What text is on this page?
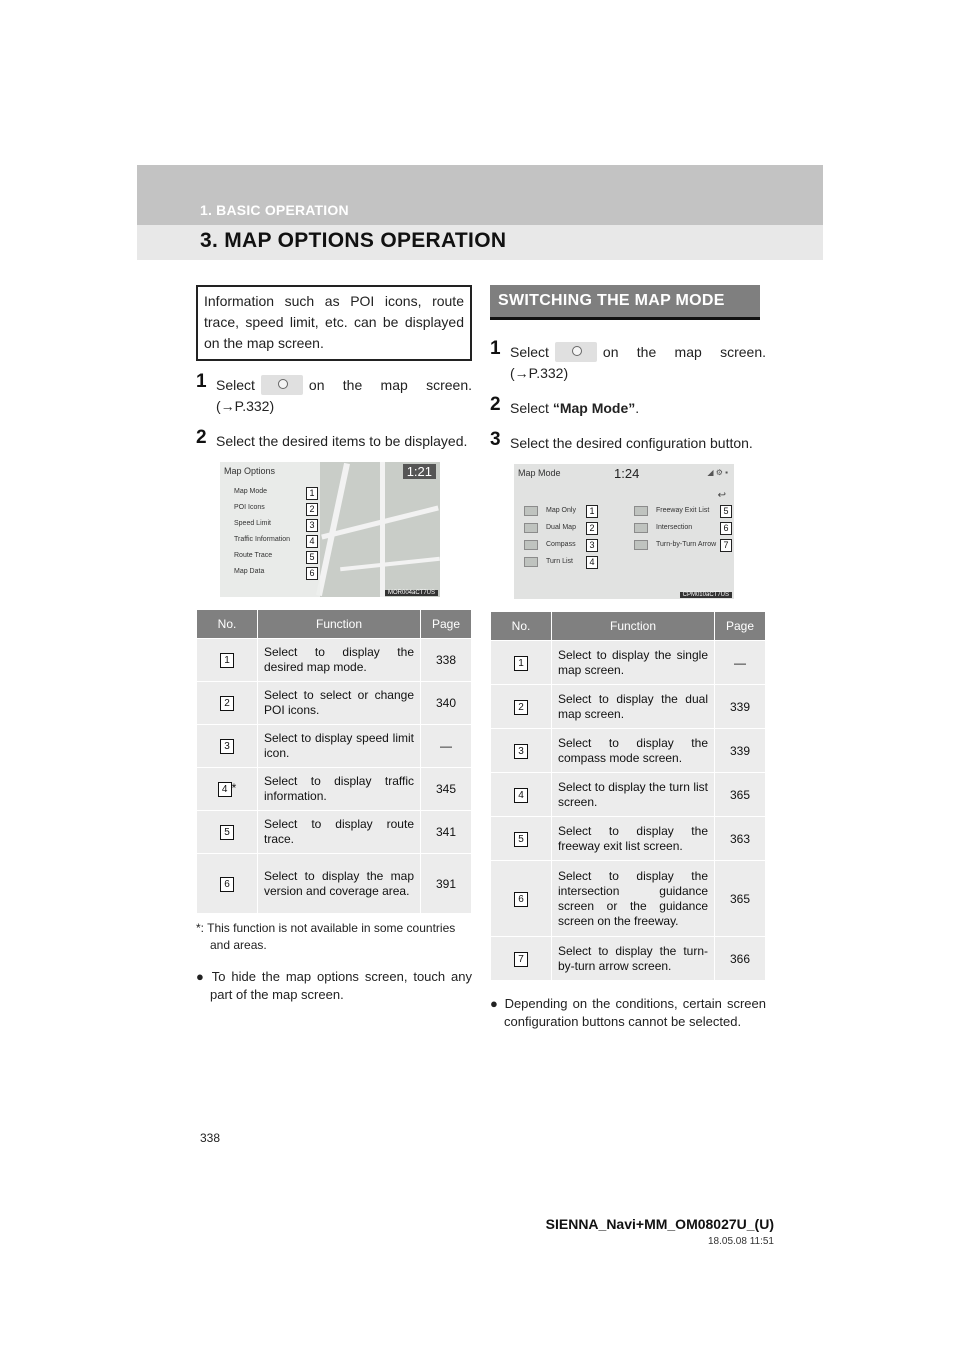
1. BASIC OPERATION
3. MAP OPTIONS OPERATION
Information such as POI icons, route trace, speed limit, etc. can be displayed on the map screen.
1 Select	on the map screen. (→P.332)
2 Select the desired items to be displayed.
Map Options	1:21
Map Mode
POI Icons
Speed Limit
Traffic Information
Route Trace
Map Data
1
2
3
4
5
6
MOR004aCT7US
No.	Function	Page
1	Select to display the desired map mode.	338
2	Select to select or change POI icons.	340
3	Select to display speed limit icon.	—
4 *	Select to display traffic information.	345
5	Select to display route trace.	341
6	Select to display the map version and coverage area.	391
*: This function is not available in some countries and areas.
● To hide the map options screen, touch any part of the map screen.
SWITCHING THE MAP MODE
1 Select	on the map screen. (→P.332)
2 Select “Map Mode”.
3 Select the desired configuration button.
Map Mode	1:24	◢ ⚙ ▪
↩
Map Only	1
Dual Map	2
Compass	3
Turn List	4
Freeway Exit List	5
Intersection	6
Turn-by-Turn Arrow 7
CPM010aCT7US
No.	Function	Page
1	Select to display the single map screen.	—
2	Select to display the dual map screen.	339
3	Select to display the compass mode screen.	339
4	Select to display the turn list screen.	365
5	Select to display the freeway exit list screen.	363
6	Select to display the intersection guidance screen or the guidance screen on the freeway.	365
7	Select to display the turn-by-turn arrow screen.	366
● Depending on the conditions, certain screen configuration buttons cannot be selected.
338
SIENNA_Navi+MM_OM08027U_(U)
18.05.08 11:51
